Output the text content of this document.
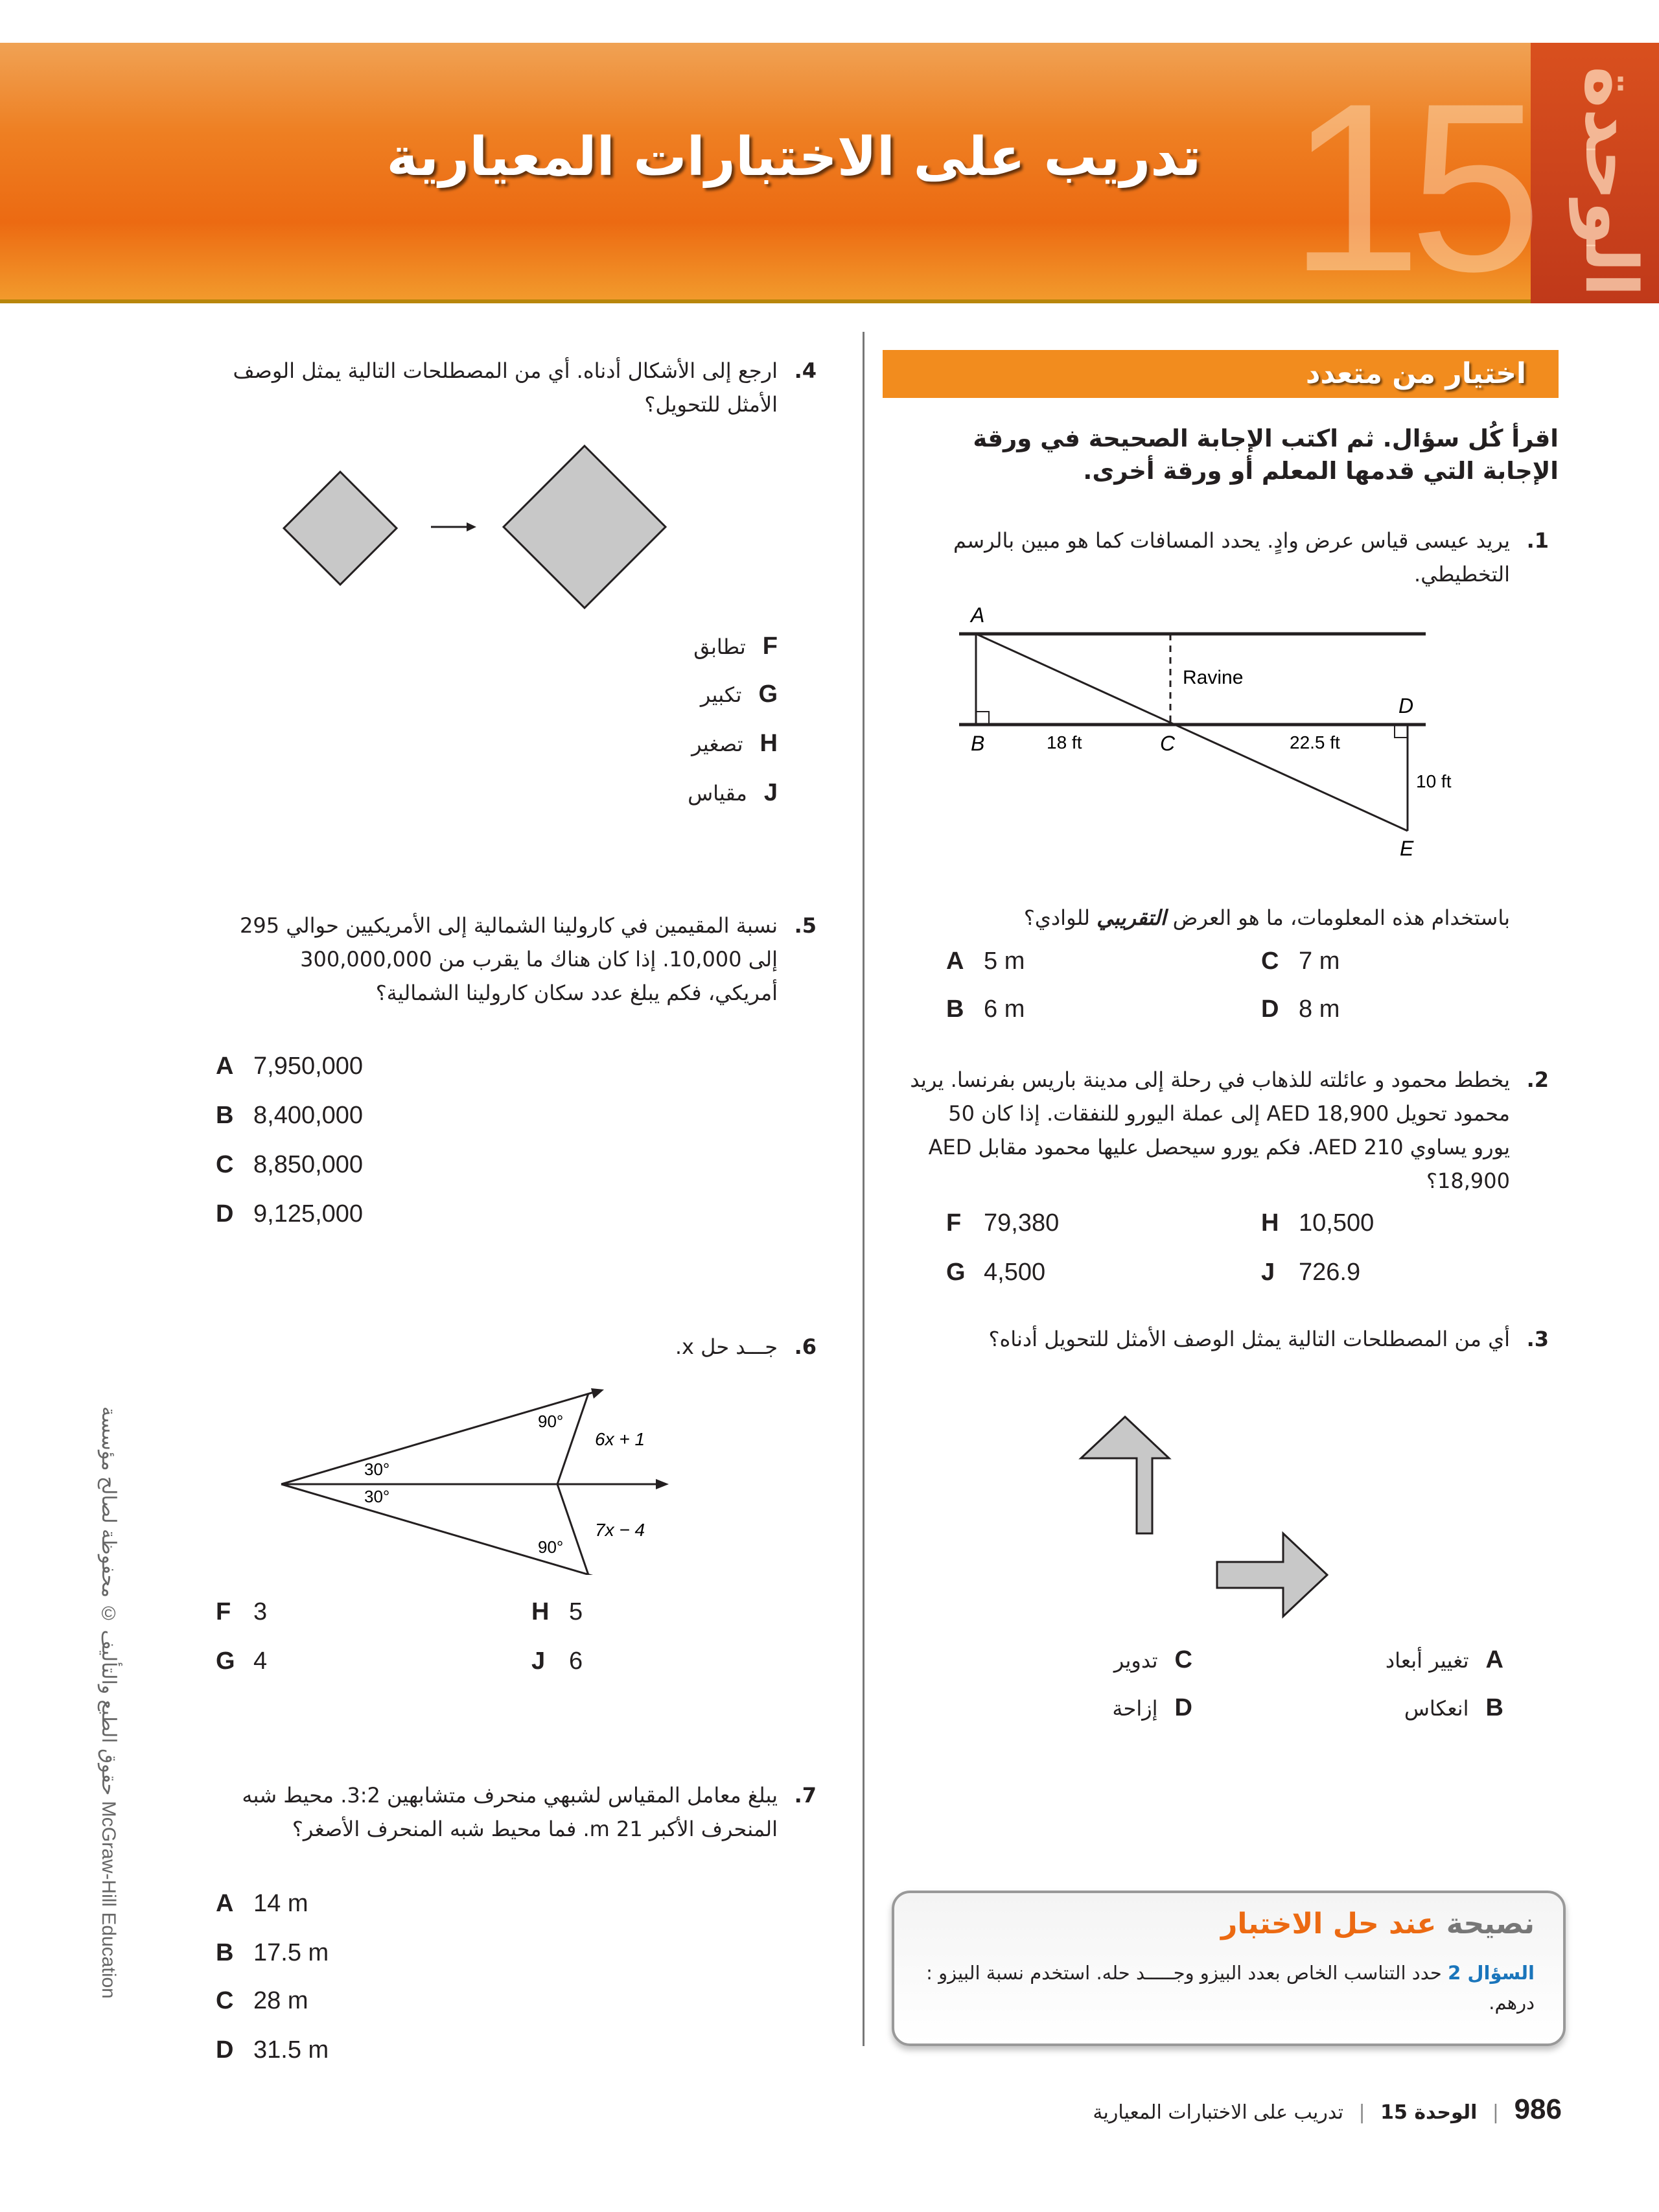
15 الوحدة
تدريب على الاختبارات المعيارية
اختيار من متعدد
اقرأ كُل سؤال. ثم اكتب الإجابة الصحيحة في ورقة الإجابة التي قدمها المعلم أو ورقة أخرى.
1.
يريد عيسى قياس عرض وادٍ. يحدد المسافات كما هو مبين بالرسم التخطيطي.
A
B	C
D
E
Ravine
18 ft	22.5 ft
10 ft
باستخدام هذه المعلومات، ما هو العرض التقريبي للوادي؟
A 5 m
B 6 m
C 7 m
D 8 m
2.
يخطط محمود و عائلته للذهاب في رحلة إلى مدينة باريس بفرنسا. يريد محمود تحويل AED 18,900 إلى عملة اليورو للنفقات. إذا كان 50 يورو يساوي AED 210. فكم يورو سيحصل عليها محمود مقابل AED 18,900؟
F 79,380
G 4,500
H 10,500
J 726.9
3.
أي من المصطلحات التالية يمثل الوصف الأمثل للتحويل أدناه؟
Aتغيير أبعاد
Bانعكاس
Cتدوير
Dإزاحة
نصيحة عند حل الاختبار
السؤال 2 حدد التناسب الخاص بعدد البيزو وجـــــد حله. استخدم نسبة البيزو : درهم.
986 | الوحدة 15 | تدريب على الاختبارات المعيارية
4.
ارجع إلى الأشكال أدناه. أي من المصطلحات التالية يمثل الوصف الأمثل للتحويل؟
Fتطابق
Gتكبير
Hتصغير
Jمقياس
5.
نسبة المقيمين في كارولينا الشمالية إلى الأمريكيين حوالي 295 إلى 10,000. إذا كان هناك ما يقرب من 300,000,000 أمريكي، فكم يبلغ عدد سكان كارولينا الشمالية؟
A 7,950,000
B 8,400,000
C 8,850,000
D 9,125,000
6.
جـــد حل x.
90°
90°
30°
30°
6x + 1
7x − 4
F 3
G 4
H 5
J 6
7.
يبلغ معامل المقياس لشبهي منحرف متشابهين 3:2. محيط شبه المنحرف الأكبر 21 m. فما محيط شبه المنحرف الأصغر؟
A 14 m
B 17.5 m
C 28 m
D 31.5 m
حقوق الطبع والتأليف © محفوظة لصالح مؤسسة McGraw-Hill Education
